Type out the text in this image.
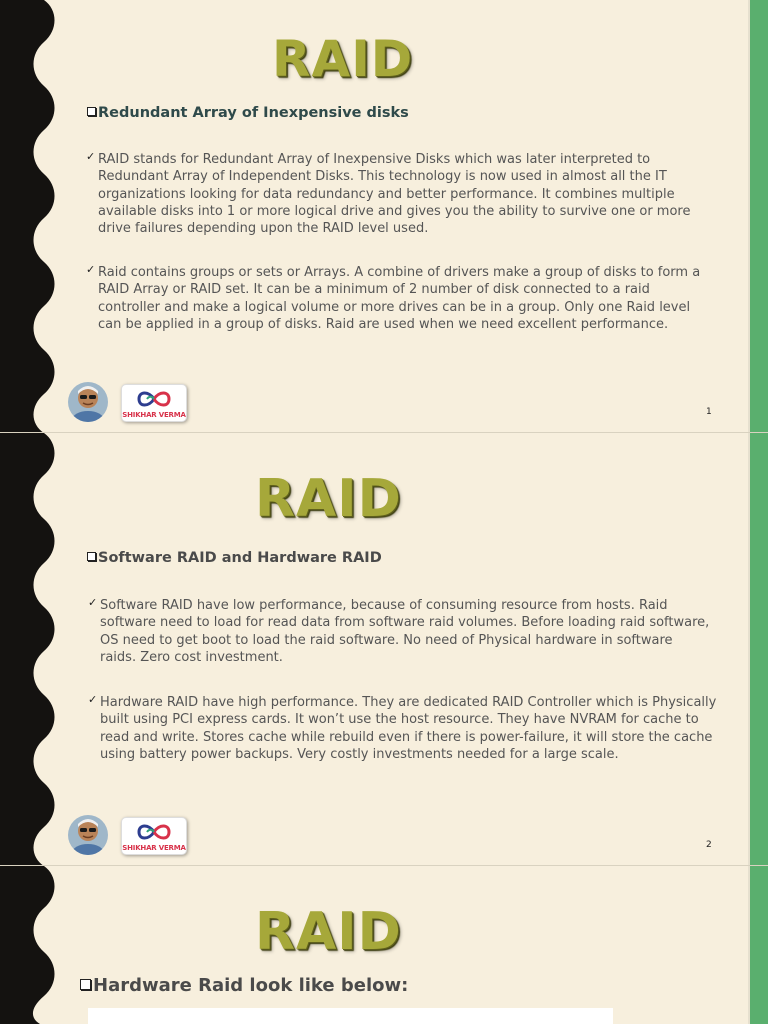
RAID
Redundant Array of Inexpensive disks
✓ RAID stands for Redundant Array of Inexpensive Disks which was later interpreted to Redundant Array of Independent Disks. This technology is now used in almost all the IT organizations looking for data redundancy and better performance. It combines multiple available disks into 1 or more logical drive and gives you the ability to survive one or more drive failures depending upon the RAID level used.
✓ Raid contains groups or sets or Arrays. A combine of drivers make a group of disks to form a RAID Array or RAID set. It can be a minimum of 2 number of disk connected to a raid controller and make a logical volume or more drives can be in a group. Only one Raid level can be applied in a group of disks. Raid are used when we need excellent performance.
SHIKHAR VERMA	1
RAID
Software RAID and Hardware RAID
✓ Software RAID have low performance, because of consuming resource from hosts. Raid software need to load for read data from software raid volumes. Before loading raid software, OS need to get boot to load the raid software. No need of Physical hardware in software raids. Zero cost investment.
✓ Hardware RAID have high performance. They are dedicated RAID Controller which is Physically built using PCI express cards. It won’t use the host resource. They have NVRAM for cache to read and write. Stores cache while rebuild even if there is power-failure, it will store the cache using battery power backups. Very costly investments needed for a large scale.
SHIKHAR VERMA	2
RAID
Hardware Raid look like below:
